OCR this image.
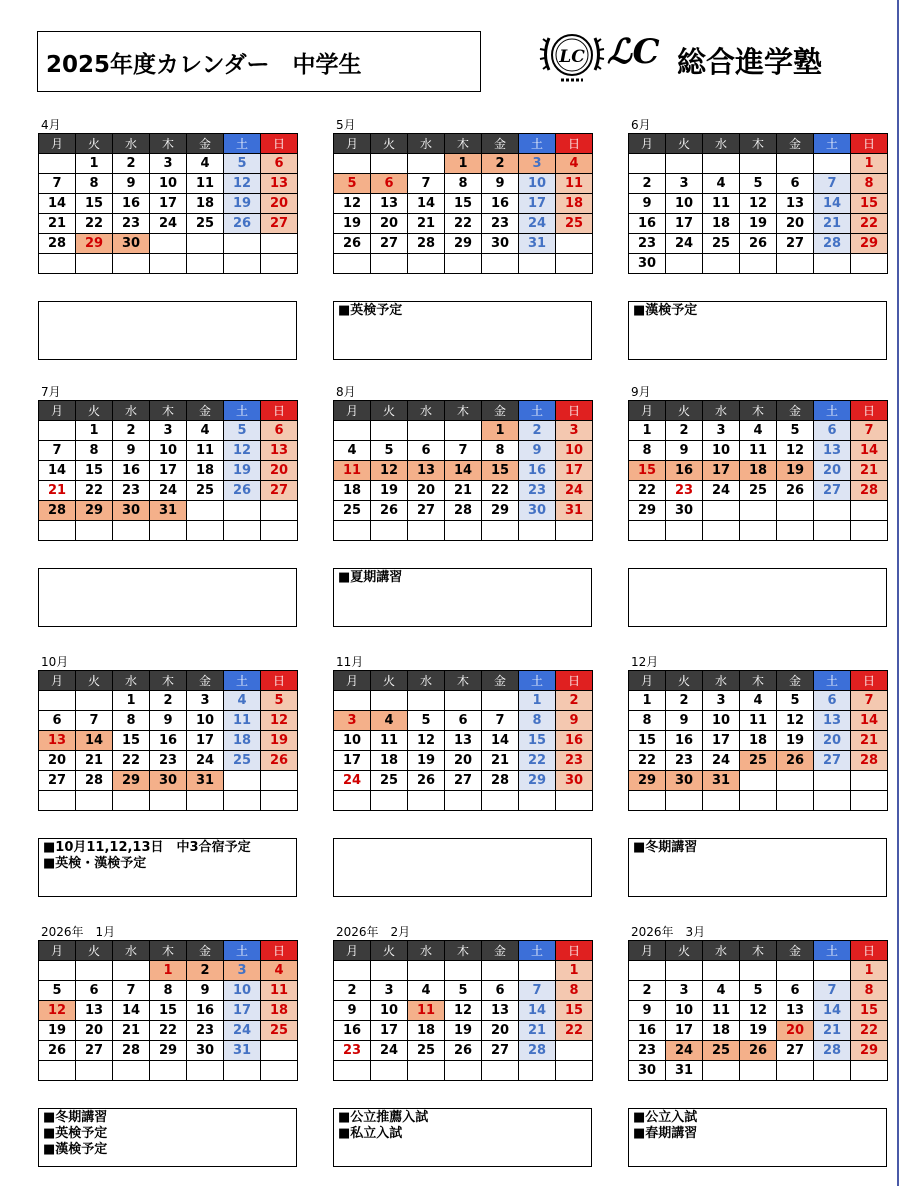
2025年度カレンダー　中学生	LC ℒC 総合進学塾
4月
月	火	水	木	金	土	日
	1	2	3	4	5	6
7	8	9	10	11	12	13
14	15	16	17	18	19	20
21	22	23	24	25	26	27
28	29	30				

5月
月	火	水	木	金	土	日
			1	2	3	4
5	6	7	8	9	10	11
12	13	14	15	16	17	18
19	20	21	22	23	24	25
26	27	28	29	30	31	

■英検予定
6月
月	火	水	木	金	土	日
						1
2	3	4	5	6	7	8
9	10	11	12	13	14	15
16	17	18	19	20	21	22
23	24	25	26	27	28	29
30						
■漢検予定
7月
月	火	水	木	金	土	日
	1	2	3	4	5	6
7	8	9	10	11	12	13
14	15	16	17	18	19	20
21	22	23	24	25	26	27
28	29	30	31			

8月
月	火	水	木	金	土	日
				1	2	3
4	5	6	7	8	9	10
11	12	13	14	15	16	17
18	19	20	21	22	23	24
25	26	27	28	29	30	31

■夏期講習
9月
月	火	水	木	金	土	日
1	2	3	4	5	6	7
8	9	10	11	12	13	14
15	16	17	18	19	20	21
22	23	24	25	26	27	28
29	30					

10月
月	火	水	木	金	土	日
		1	2	3	4	5
6	7	8	9	10	11	12
13	14	15	16	17	18	19
20	21	22	23	24	25	26
27	28	29	30	31		

■10月11,12,13日　中3合宿予定
■英検・漢検予定
11月
月	火	水	木	金	土	日
					1	2
3	4	5	6	7	8	9
10	11	12	13	14	15	16
17	18	19	20	21	22	23
24	25	26	27	28	29	30

12月
月	火	水	木	金	土	日
1	2	3	4	5	6	7
8	9	10	11	12	13	14
15	16	17	18	19	20	21
22	23	24	25	26	27	28
29	30	31				

■冬期講習
2026年　1月
月	火	水	木	金	土	日
			1	2	3	4
5	6	7	8	9	10	11
12	13	14	15	16	17	18
19	20	21	22	23	24	25
26	27	28	29	30	31	

■冬期講習
■英検予定
■漢検予定
2026年　2月
月	火	水	木	金	土	日
						1
2	3	4	5	6	7	8
9	10	11	12	13	14	15
16	17	18	19	20	21	22
23	24	25	26	27	28	

■公立推薦入試
■私立入試
2026年　3月
月	火	水	木	金	土	日
						1
2	3	4	5	6	7	8
9	10	11	12	13	14	15
16	17	18	19	20	21	22
23	24	25	26	27	28	29
30	31					
■公立入試
■春期講習
